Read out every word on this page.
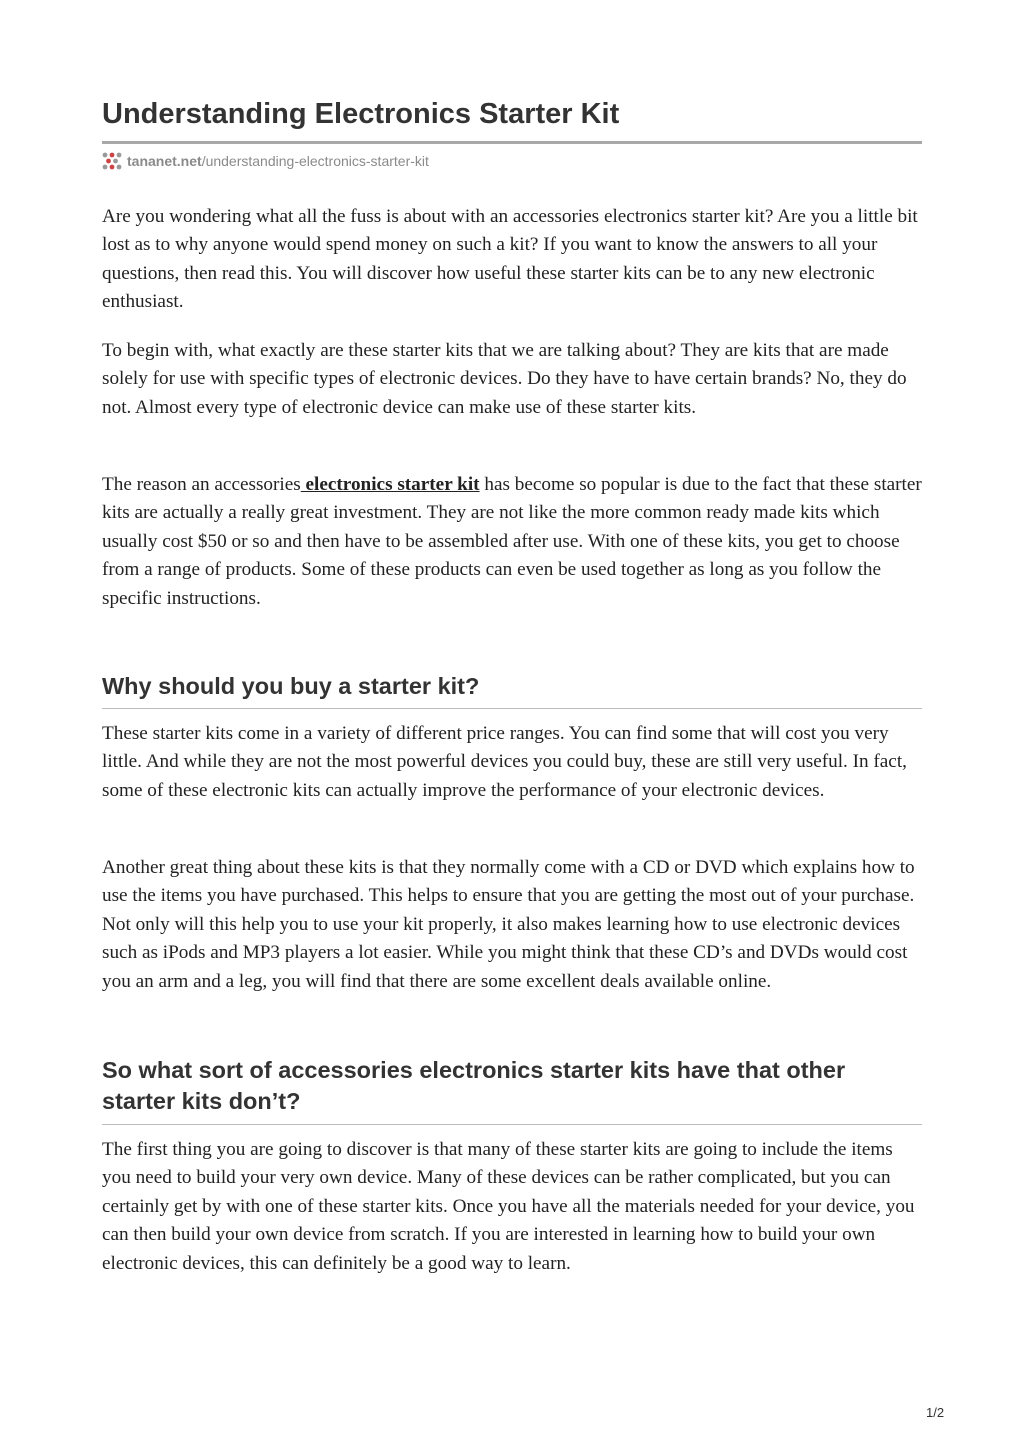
Understanding Electronics Starter Kit
tananet.net /understanding-electronics-starter-kit

Are you wondering what all the fuss is about with an accessories electronics starter kit? Are you a little bit lost as to why anyone would spend money on such a kit? If you want to know the answers to all your questions, then read this. You will discover how useful these starter kits can be to any new electronic enthusiast.

To begin with, what exactly are these starter kits that we are talking about? They are kits that are made solely for use with specific types of electronic devices. Do they have to have certain brands? No, they do not. Almost every type of electronic device can make use of these starter kits.

The reason an accessories electronics starter kit has become so popular is due to the fact that these starter kits are actually a really great investment. They are not like the more common ready made kits which usually cost $50 or so and then have to be assembled after use. With one of these kits, you get to choose from a range of products. Some of these products can even be used together as long as you follow the specific instructions.

Why should you buy a starter kit?

These starter kits come in a variety of different price ranges. You can find some that will cost you very little. And while they are not the most powerful devices you could buy, these are still very useful. In fact, some of these electronic kits can actually improve the performance of your electronic devices.

Another great thing about these kits is that they normally come with a CD or DVD which explains how to use the items you have purchased. This helps to ensure that you are getting the most out of your purchase. Not only will this help you to use your kit properly, it also makes learning how to use electronic devices such as iPods and MP3 players a lot easier. While you might think that these CD’s and DVDs would cost you an arm and a leg, you will find that there are some excellent deals available online.

So what sort of accessories electronics starter kits have that other starter kits don’t?

The first thing you are going to discover is that many of these starter kits are going to include the items you need to build your very own device. Many of these devices can be rather complicated, but you can certainly get by with one of these starter kits. Once you have all the materials needed for your device, you can then build your own device from scratch. If you are interested in learning how to build your own electronic devices, this can definitely be a good way to learn.

1/2
